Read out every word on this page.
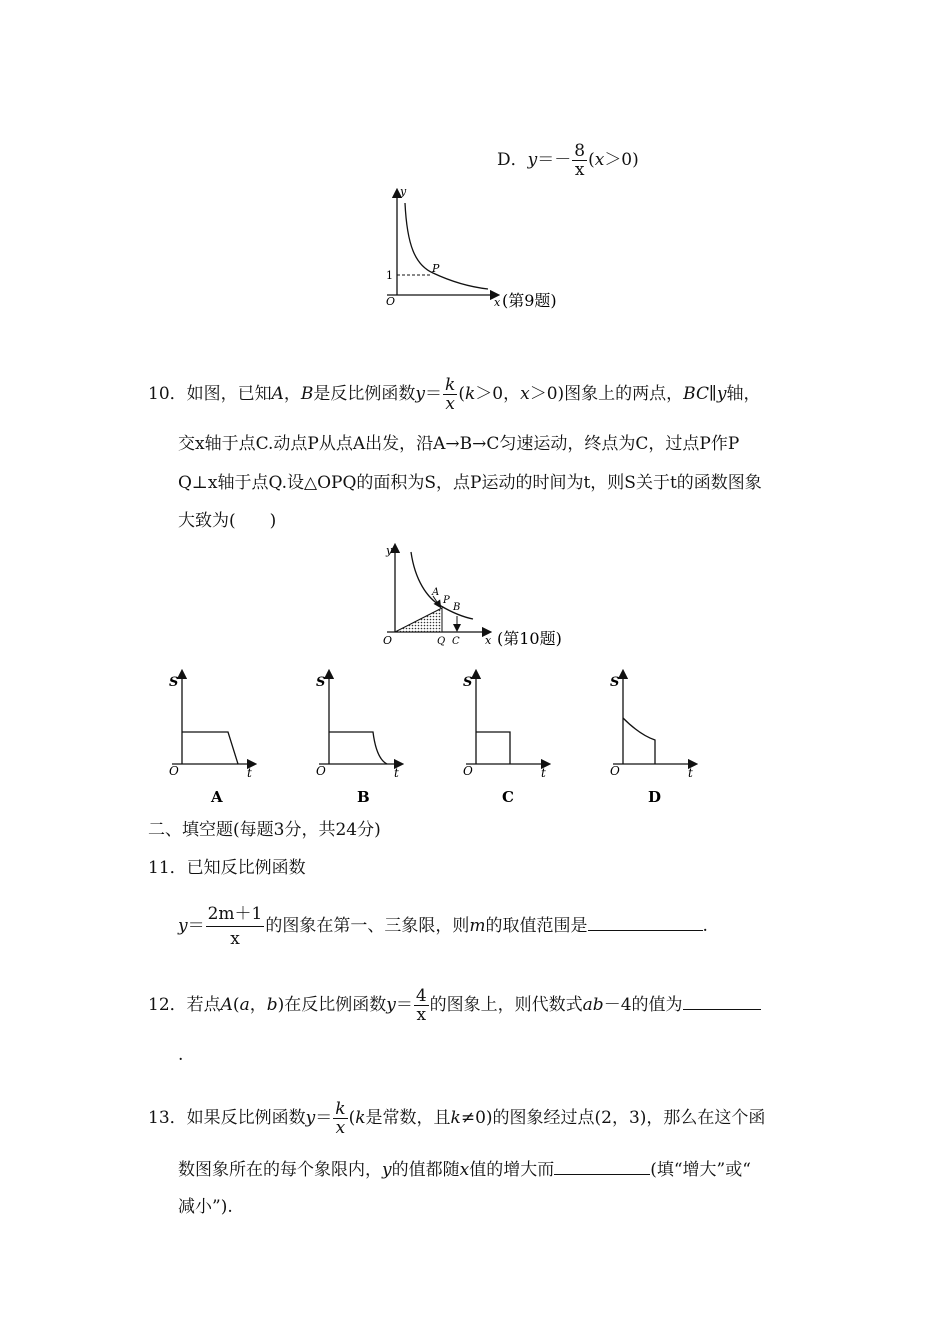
D．$y=- \frac{8}{x} (x>0)$
y
x
O
1
P
(第9题)
10．如图，已知A，B是反比例函数$y= \frac{k}{x} (k>0$，x＞0)图象上的两点，BC∥y轴，
交x轴于点C.动点P从点A出发，沿A→B→C匀速运动，终点为C，过点P作P
Q⊥x轴于点Q.设△OPQ的面积为S，点P运动的时间为t，则S关于t的函数图象
大致为(　　)
y
x
O
A
P
B
Q C (第10题)
S
O	t
A
S
O	t
B
S
O	t
C
S
O	t
D
二、填空题(每题3分，共24分)
11．已知反比例函数
$y= \frac{2m+1}{x}$ 的图象在第一、三象限，则m的取值范围是	.
12．若点A(a，b)在反比例函数$y= \frac{4}{x}$ 的图象上，则代数式ab－4的值为
.
13．如果反比例函数$y= \frac{k}{x} (k$是常数，且k≠0)的图象经过点(2，3)，那么在这个函
数图象所在的每个象限内，y的值都随x值的增大而	(填“增大”或“
减小”).
